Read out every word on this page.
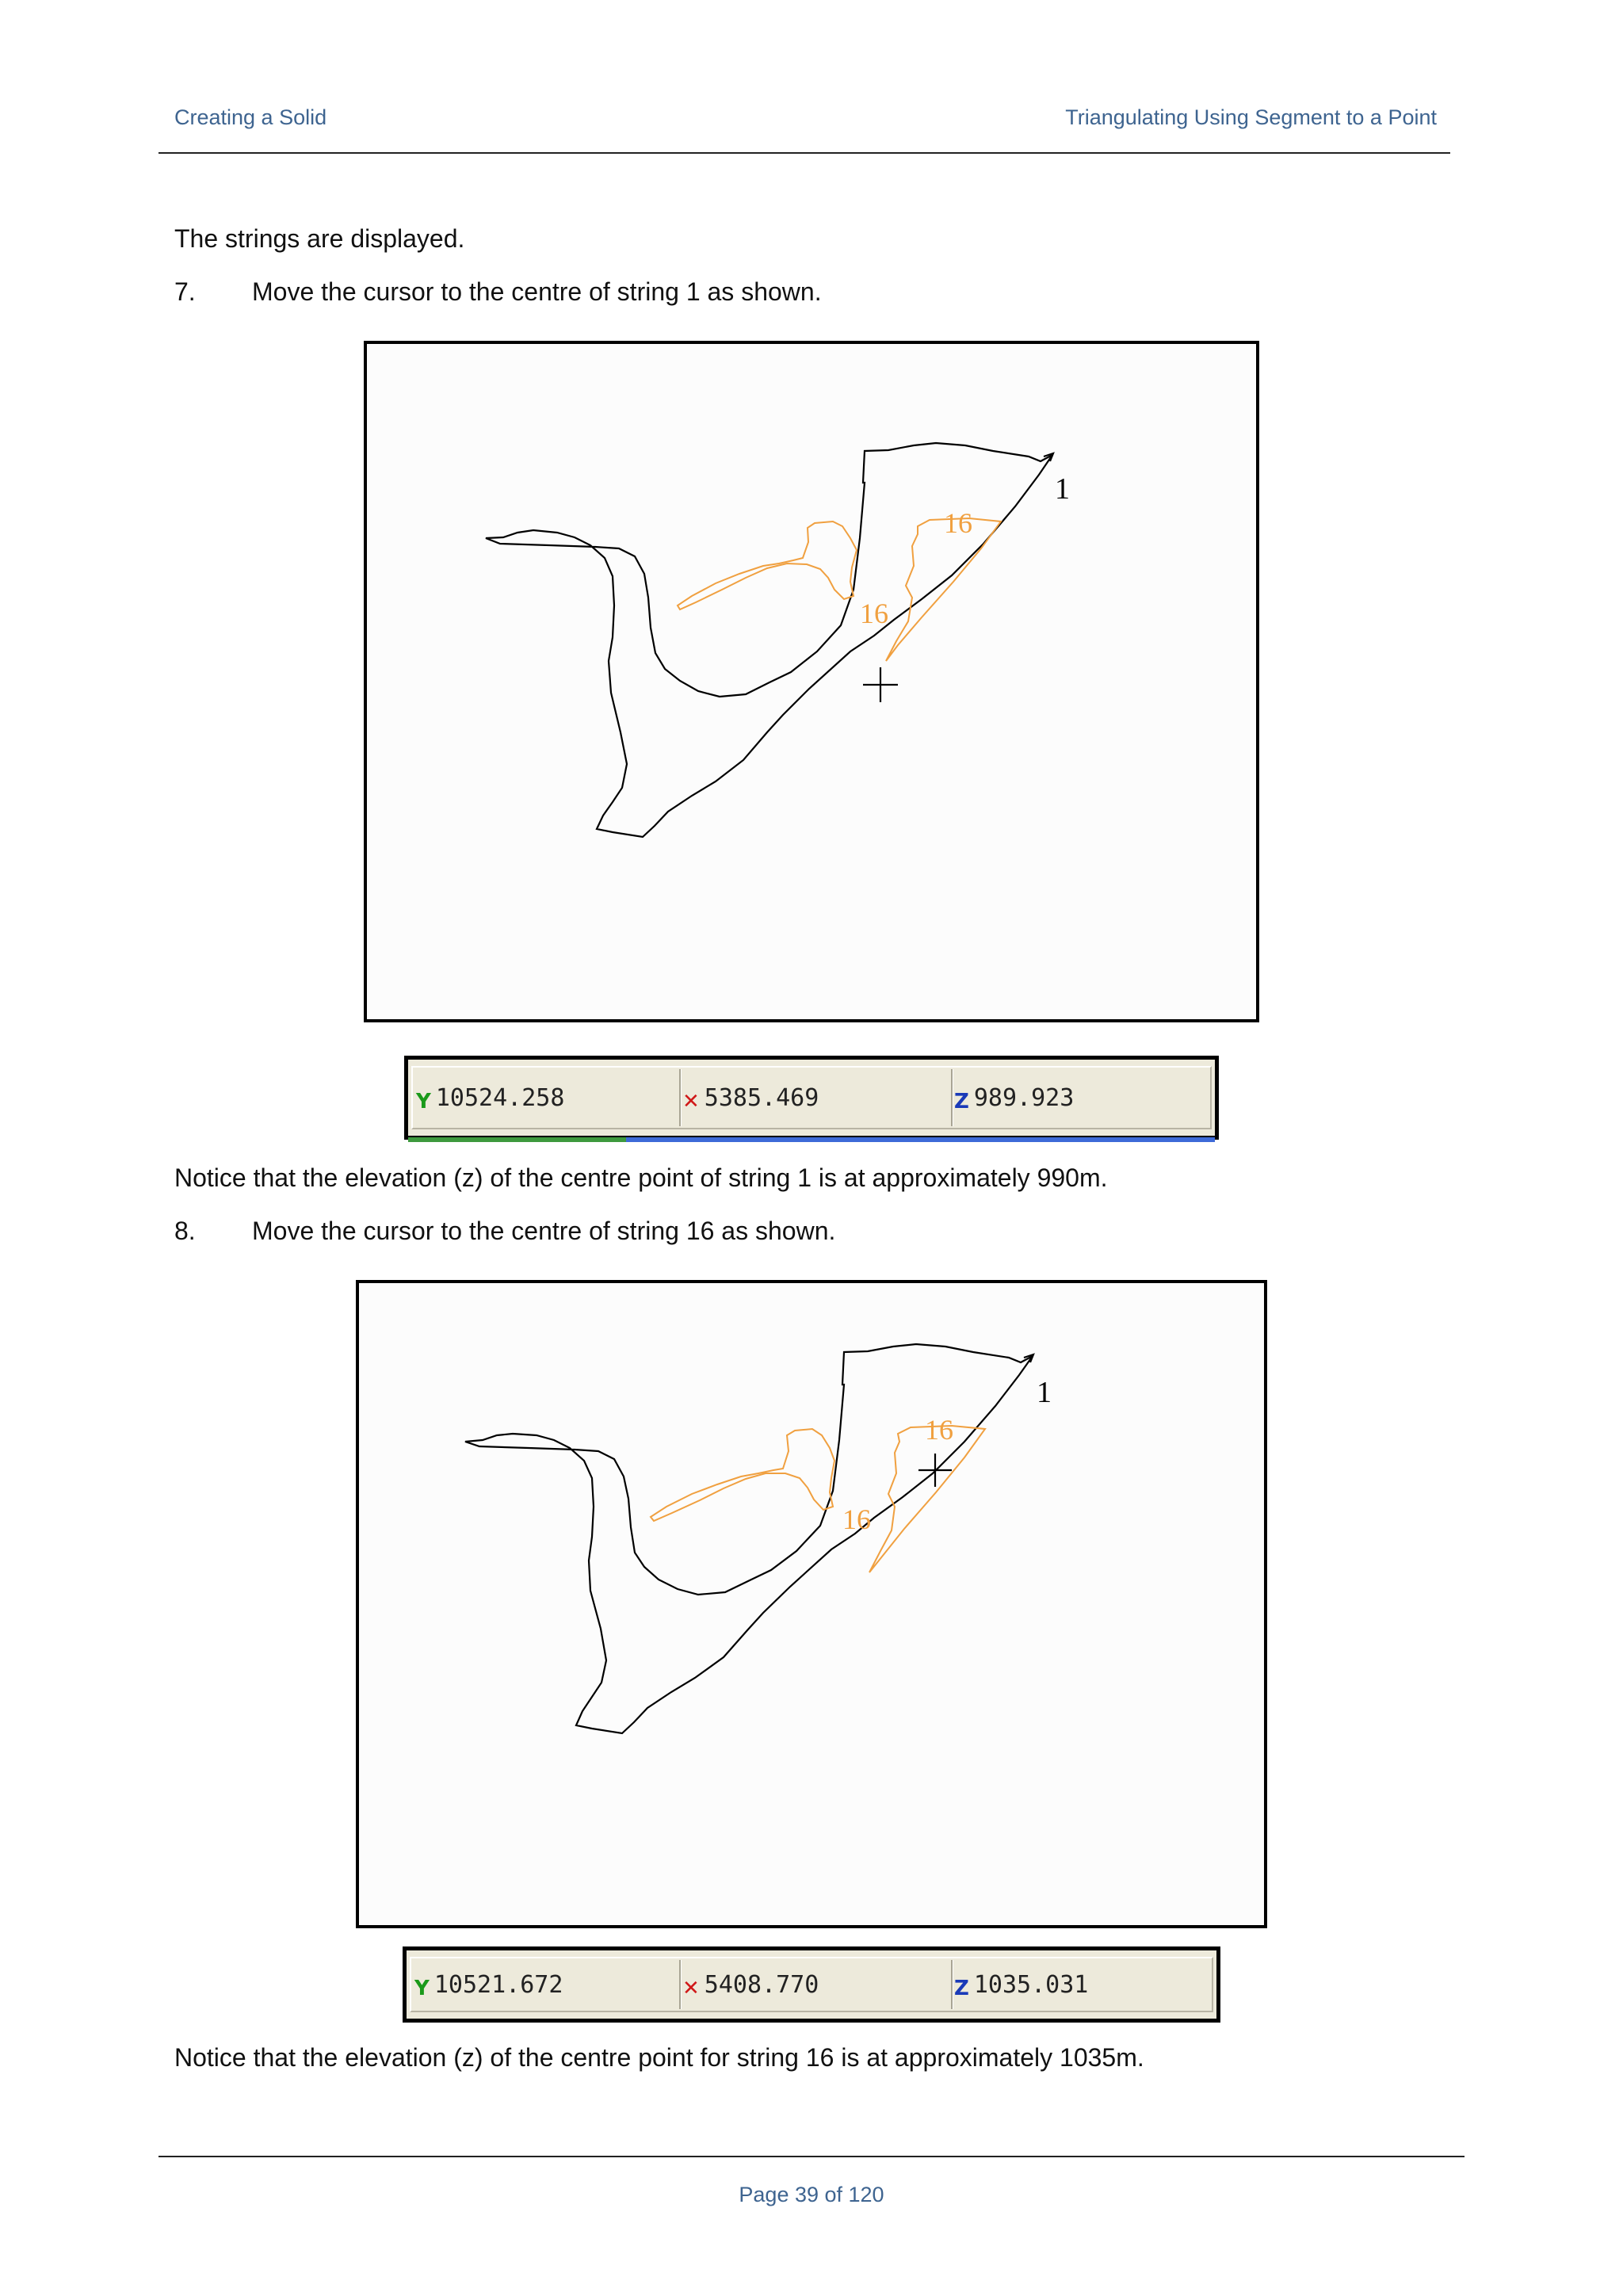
Creating a Solid	Triangulating Using Segment to a Point
The strings are displayed.
7. Move the cursor to the centre of string 1 as shown.
1
16
16
Y 10524.258	✕ 5385.469	Z 989.923
Notice that the elevation (z) of the centre point of string 1 is at approximately 990m.
8. Move the cursor to the centre of string 16 as shown.
1
16
16
Y 10521.672	✕ 5408.770	Z 1035.031
Notice that the elevation (z) of the centre point for string 16 is at approximately 1035m.
Page 39 of 120
